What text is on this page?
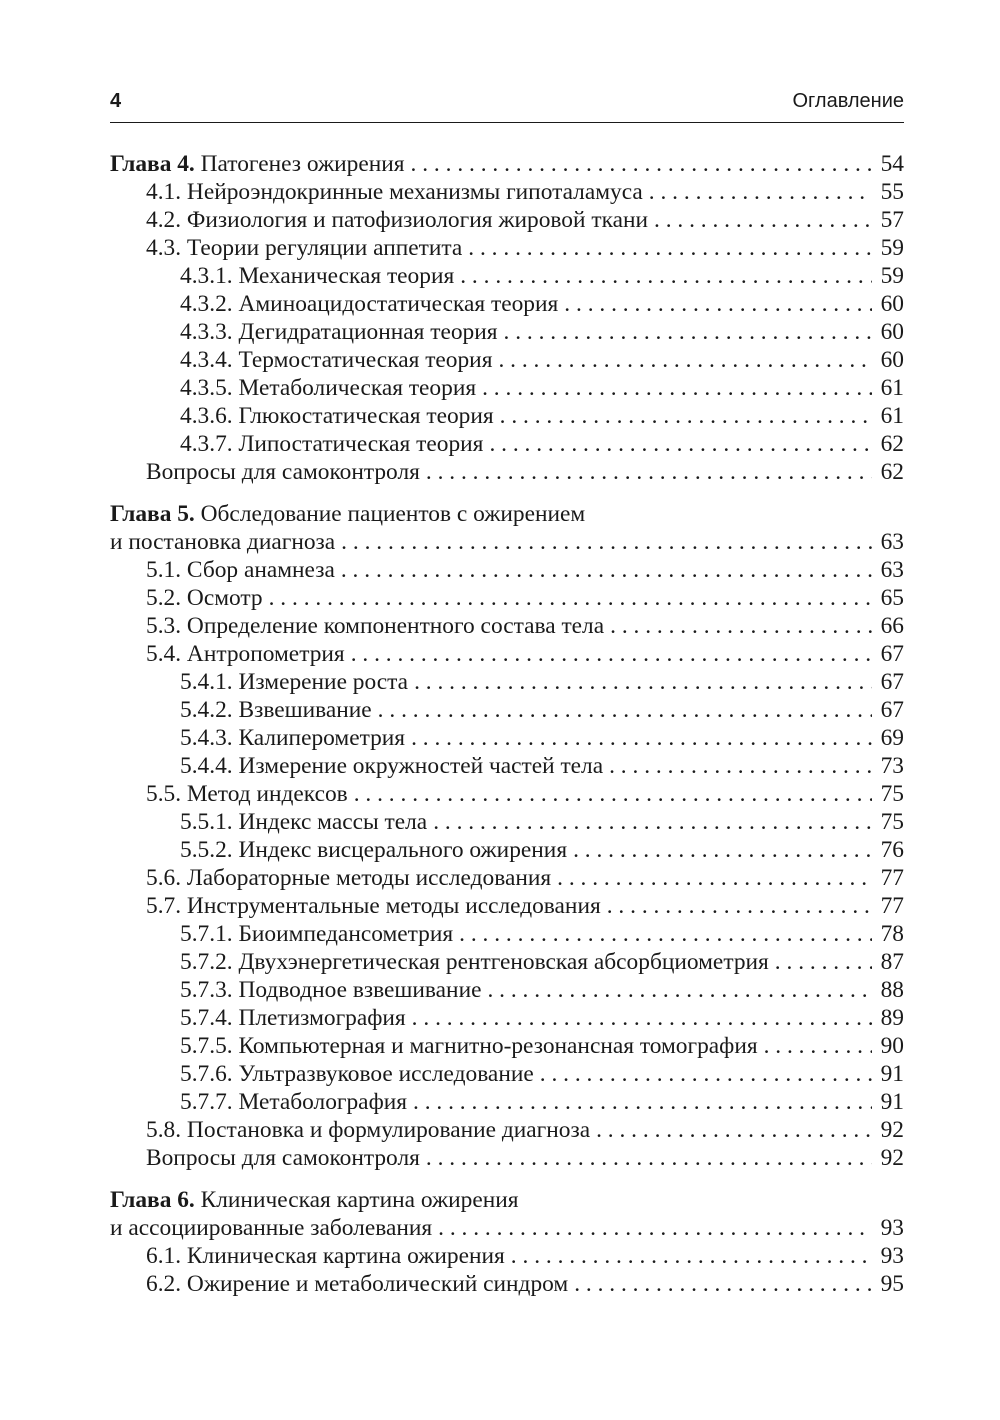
4	Оглавление
Глава 4. Патогенез ожирения . . .	54
4.1. Нейроэндокринные механизмы гипоталамуса . . .	55
4.2. Физиология и патофизиология жировой ткани . . .	57
4.3. Теории регуляции аппетита . . .	59
4.3.1. Механическая теория . . .	59
4.3.2. Аминоацидостатическая теория . . .	60
4.3.3. Дегидратационная теория . . .	60
4.3.4. Термостатическая теория . . .	60
4.3.5. Метаболическая теория . . .	61
4.3.6. Глюкостатическая теория . . .	61
4.3.7. Липостатическая теория . . .	62
Вопросы для самоконтроля . . .	62
Глава 5. Обследование пациентов с ожирением
и постановка диагноза . . .	63
5.1. Сбор анамнеза . . .	63
5.2. Осмотр . . .	65
5.3. Определение компонентного состава тела . . .	66
5.4. Антропометрия . . .	67
5.4.1. Измерение роста . . .	67
5.4.2. Взвешивание . . .	67
5.4.3. Калиперометрия . . .	69
5.4.4. Измерение окружностей частей тела . . .	73
5.5. Метод индексов . . .	75
5.5.1. Индекс массы тела . . .	75
5.5.2. Индекс висцерального ожирения . . .	76
5.6. Лабораторные методы исследования . . .	77
5.7. Инструментальные методы исследования . . .	77
5.7.1. Биоимпедансометрия . . .	78
5.7.2. Двухэнергетическая рентгеновская абсорбциометрия . . .	87
5.7.3. Подводное взвешивание . . .	88
5.7.4. Плетизмография . . .	89
5.7.5. Компьютерная и магнитно-резонансная томография . . .	90
5.7.6. Ультразвуковое исследование . . .	91
5.7.7. Метаболография . . .	91
5.8. Постановка и формулирование диагноза . . .	92
Вопросы для самоконтроля . . .	92
Глава 6. Клиническая картина ожирения
и ассоциированные заболевания . . .	93
6.1. Клиническая картина ожирения . . .	93
6.2. Ожирение и метаболический синдром . . .	95
